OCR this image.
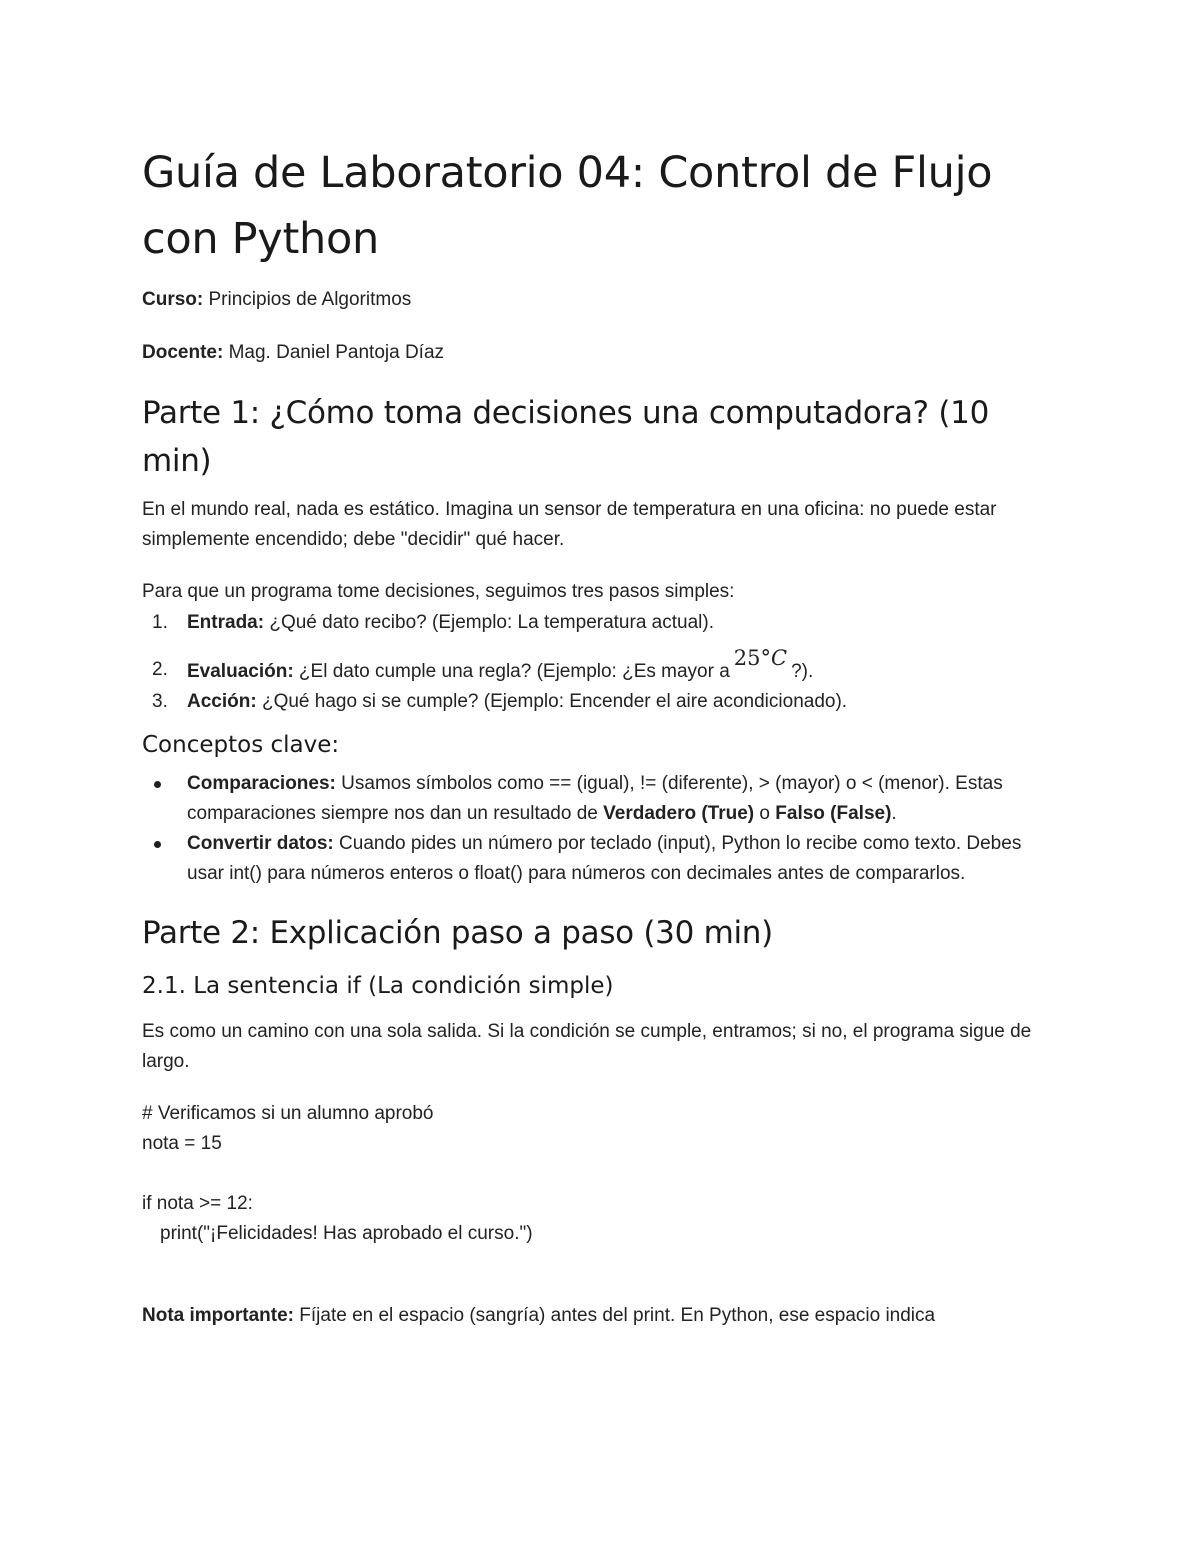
Guía de Laboratorio 04: Control de Flujo con Python

Curso: Principios de Algoritmos

Docente: Mag. Daniel Pantoja Díaz

Parte 1: ¿Cómo toma decisiones una computadora? (10 min)

En el mundo real, nada es estático. Imagina un sensor de temperatura en una oficina: no puede estar simplemente encendido; debe "decidir" qué hacer.

Para que un programa tome decisiones, seguimos tres pasos simples:

1. Entrada: ¿Qué dato recibo? (Ejemplo: La temperatura actual).
2. Evaluación: ¿El dato cumple una regla? (Ejemplo: ¿Es mayor a25°C?).
3. Acción: ¿Qué hago si se cumple? (Ejemplo: Encender el aire acondicionado).
Conceptos clave:
Comparaciones: Usamos símbolos como == (igual), != (diferente), > (mayor) o < (menor). Estas comparaciones siempre nos dan un resultado de Verdadero (True) o Falso (False).
Convertir datos: Cuando pides un número por teclado (input), Python lo recibe como texto. Debes usar int() para números enteros o float() para números con decimales antes de compararlos.
Parte 2: Explicación paso a paso (30 min)
2.1. La sentencia if (La condición simple)

Es como un camino con una sola salida. Si la condición se cumple, entramos; si no, el programa sigue de largo.

# Verificamos si un alumno aprobó

nota = 15

if nota >= 12:

print("¡Felicidades! Has aprobado el curso.")

Nota importante: Fíjate en el espacio (sangría) antes del print. En Python, ese espacio indica
